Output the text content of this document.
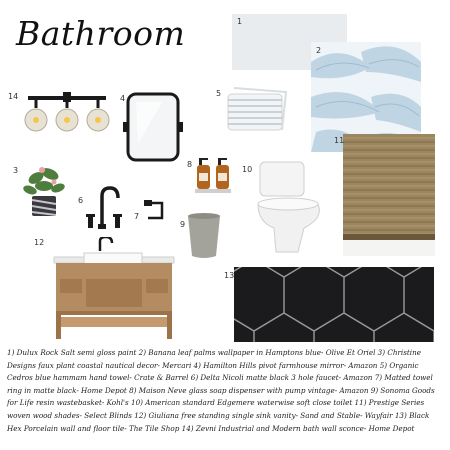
Bathroom	1
2
3
4
5
6
7
8
9
10
11
12
13
14
1) Dulux Rock Salt semi gloss paint 2) Banana leaf palms wallpaper in Hamptons blue- Olive Et Oriel 3) Christine Designs faux plant coastal nautical decor- Mercari 4) Hamilton Hills pivot farmhouse mirror- Amazon 5) Organic Cedros blue hammam hand towel- Crate & Barrel 6) Delta Nicoli matte black 3 hole faucet- Amazon 7) Matted towel ring in matte black- Home Depot 8) Maison Neve glass soap dispenser with pump vintage- Amazon 9) Sonoma Goods for Life resin wastebasket- Kohl's 10) American standard Edgemere waterwise soft close toilet 11) Prestige Series woven wood shades- Select Blinds 12) Giuliana free standing single sink vanity- Sand and Stable- Wayfair 13) Black Hex Porcelain wall and floor tile- The Tile Shop 14) Zevni Industrial and Modern bath wall sconce- Home Depot
